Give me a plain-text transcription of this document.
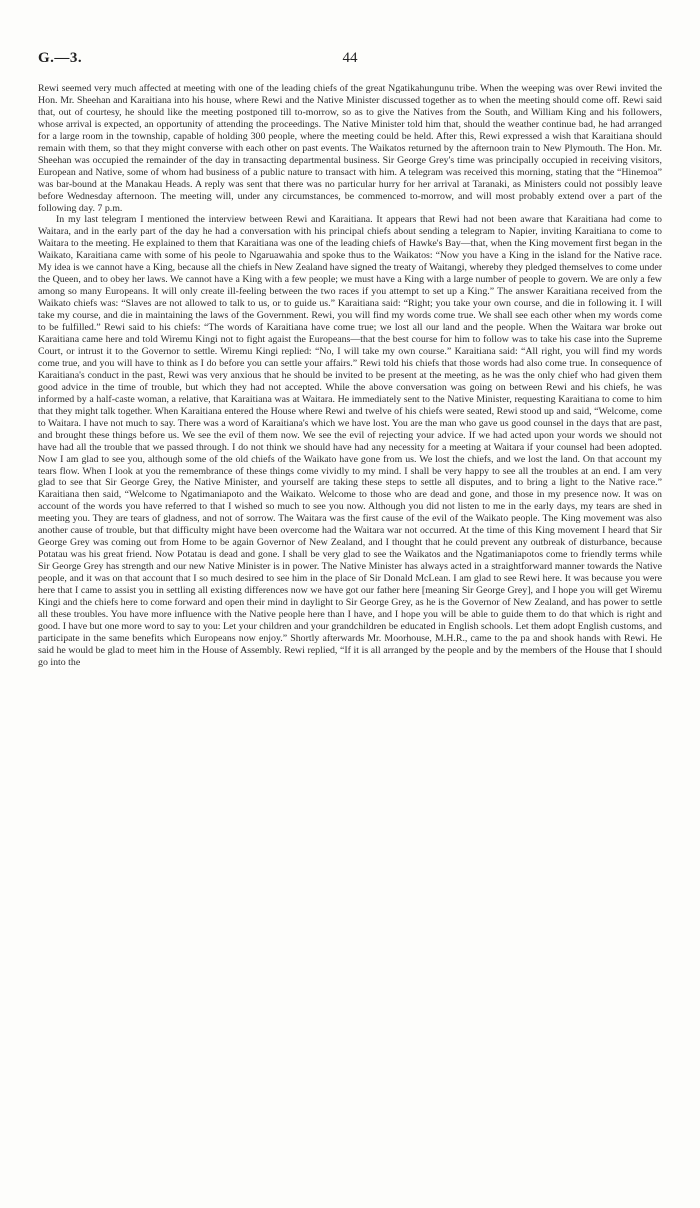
G.—3.	44

Rewi seemed very much affected at meeting with one of the leading chiefs of the great Ngatikahungunu tribe. When the weeping was over Rewi invited the Hon. Mr. Sheehan and Karaitiana into his house, where Rewi and the Native Minister discussed together as to when the meeting should come off. Rewi said that, out of courtesy, he should like the meeting postponed till to-morrow, so as to give the Natives from the South, and William King and his followers, whose arrival is expected, an opportunity of attending the proceedings. The Native Minister told him that, should the weather continue bad, he had arranged for a large room in the township, capable of holding 300 people, where the meeting could be held. After this, Rewi expressed a wish that Karaitiana should remain with them, so that they might converse with each other on past events. The Waikatos returned by the afternoon train to New Plymouth. The Hon. Mr. Sheehan was occupied the remainder of the day in transacting departmental business. Sir George Grey's time was principally occupied in receiving visitors, European and Native, some of whom had business of a public nature to transact with him. A telegram was received this morning, stating that the “Hinemoa” was bar-bound at the Manakau Heads. A reply was sent that there was no particular hurry for her arrival at Taranaki, as Ministers could not possibly leave before Wednesday afternoon. The meeting will, under any circumstances, be commenced to-morrow, and will most probably extend over a part of the following day. 7 p.m.

In my last telegram I mentioned the interview between Rewi and Karaitiana. It appears that Rewi had not been aware that Karaitiana had come to Waitara, and in the early part of the day he had a conversation with his principal chiefs about sending a telegram to Napier, inviting Karaitiana to come to Waitara to the meeting. He explained to them that Karaitiana was one of the leading chiefs of Hawke's Bay—that, when the King movement first began in the Waikato, Karaitiana came with some of his peole to Ngaruawahia and spoke thus to the Waikatos: “Now you have a King in the island for the Native race. My idea is we cannot have a King, because all the chiefs in New Zealand have signed the treaty of Waitangi, whereby they pledged themselves to come under the Queen, and to obey her laws. We cannot have a King with a few people; we must have a King with a large number of people to govern. We are only a few among so many Europeans. It will only create ill-feeling between the two races if you attempt to set up a King.” The answer Karaitiana received from the Waikato chiefs was: “Slaves are not allowed to talk to us, or to guide us.” Karaitiana said: “Right; you take your own course, and die in following it. I will take my course, and die in maintaining the laws of the Government. Rewi, you will find my words come true. We shall see each other when my words come to be fulfilled.” Rewi said to his chiefs: “The words of Karaitiana have come true; we lost all our land and the people. When the Waitara war broke out Karaitiana came here and told Wiremu Kingi not to fight agaist the Europeans—that the best course for him to follow was to take his case into the Supreme Court, or intrust it to the Governor to settle. Wiremu Kingi replied: “No, I will take my own course.” Karaitiana said: “All right, you will find my words come true, and you will have to think as I do before you can settle your affairs.” Rewi told his chiefs that those words had also come true. In consequence of Karaitiana's conduct in the past, Rewi was very anxious that he should be invited to be present at the meeting, as he was the only chief who had given them good advice in the time of trouble, but which they had not accepted. While the above conversation was going on between Rewi and his chiefs, he was informed by a half-caste woman, a relative, that Karaitiana was at Waitara. He immediately sent to the Native Minister, requesting Karaitiana to come to him that they might talk together. When Karaitiana entered the House where Rewi and twelve of his chiefs were seated, Rewi stood up and said, “Welcome, come to Waitara. I have not much to say. There was a word of Karaitiana's which we have lost. You are the man who gave us good counsel in the days that are past, and brought these things before us. We see the evil of them now. We see the evil of rejecting your advice. If we had acted upon your words we should not have had all the trouble that we passed through. I do not think we should have had any necessity for a meeting at Waitara if your counsel had been adopted. Now I am glad to see you, although some of the old chiefs of the Waikato have gone from us. We lost the chiefs, and we lost the land. On that account my tears flow. When I look at you the remembrance of these things come vividly to my mind. I shall be very happy to see all the troubles at an end. I am very glad to see that Sir George Grey, the Native Minister, and yourself are taking these steps to settle all disputes, and to bring a light to the Native race.” Karaitiana then said, “Welcome to Ngatimaniapoto and the Waikato. Welcome to those who are dead and gone, and those in my presence now. It was on account of the words you have referred to that I wished so much to see you now. Although you did not listen to me in the early days, my tears are shed in meeting you. They are tears of gladness, and not of sorrow. The Waitara was the first cause of the evil of the Waikato people. The King movement was also another cause of trouble, but that difficulty might have been overcome had the Waitara war not occurred. At the time of this King movement I heard that Sir George Grey was coming out from Home to be again Governor of New Zealand, and I thought that he could prevent any outbreak of disturbance, because Potatau was his great friend. Now Potatau is dead and gone. I shall be very glad to see the Waikatos and the Ngatimaniapotos come to friendly terms while Sir George Grey has strength and our new Native Minister is in power. The Native Minister has always acted in a straightforward manner towards the Native people, and it was on that account that I so much desired to see him in the place of Sir Donald McLean. I am glad to see Rewi here. It was because you were here that I came to assist you in settling all existing differences now we have got our father here [meaning Sir George Grey], and I hope you will get Wiremu Kingi and the chiefs here to come forward and open their mind in daylight to Sir George Grey, as he is the Governor of New Zealand, and has power to settle all these troubles. You have more influence with the Native people here than I have, and I hope you will be able to guide them to do that which is right and good. I have but one more word to say to you: Let your children and your grandchildren be educated in English schools. Let them adopt English customs, and participate in the same benefits which Europeans now enjoy.” Shortly afterwards Mr. Moorhouse, M.H.R., came to the pa and shook hands with Rewi. He said he would be glad to meet him in the House of Assembly. Rewi replied, “If it is all arranged by the people and by the members of the House that I should go into the
